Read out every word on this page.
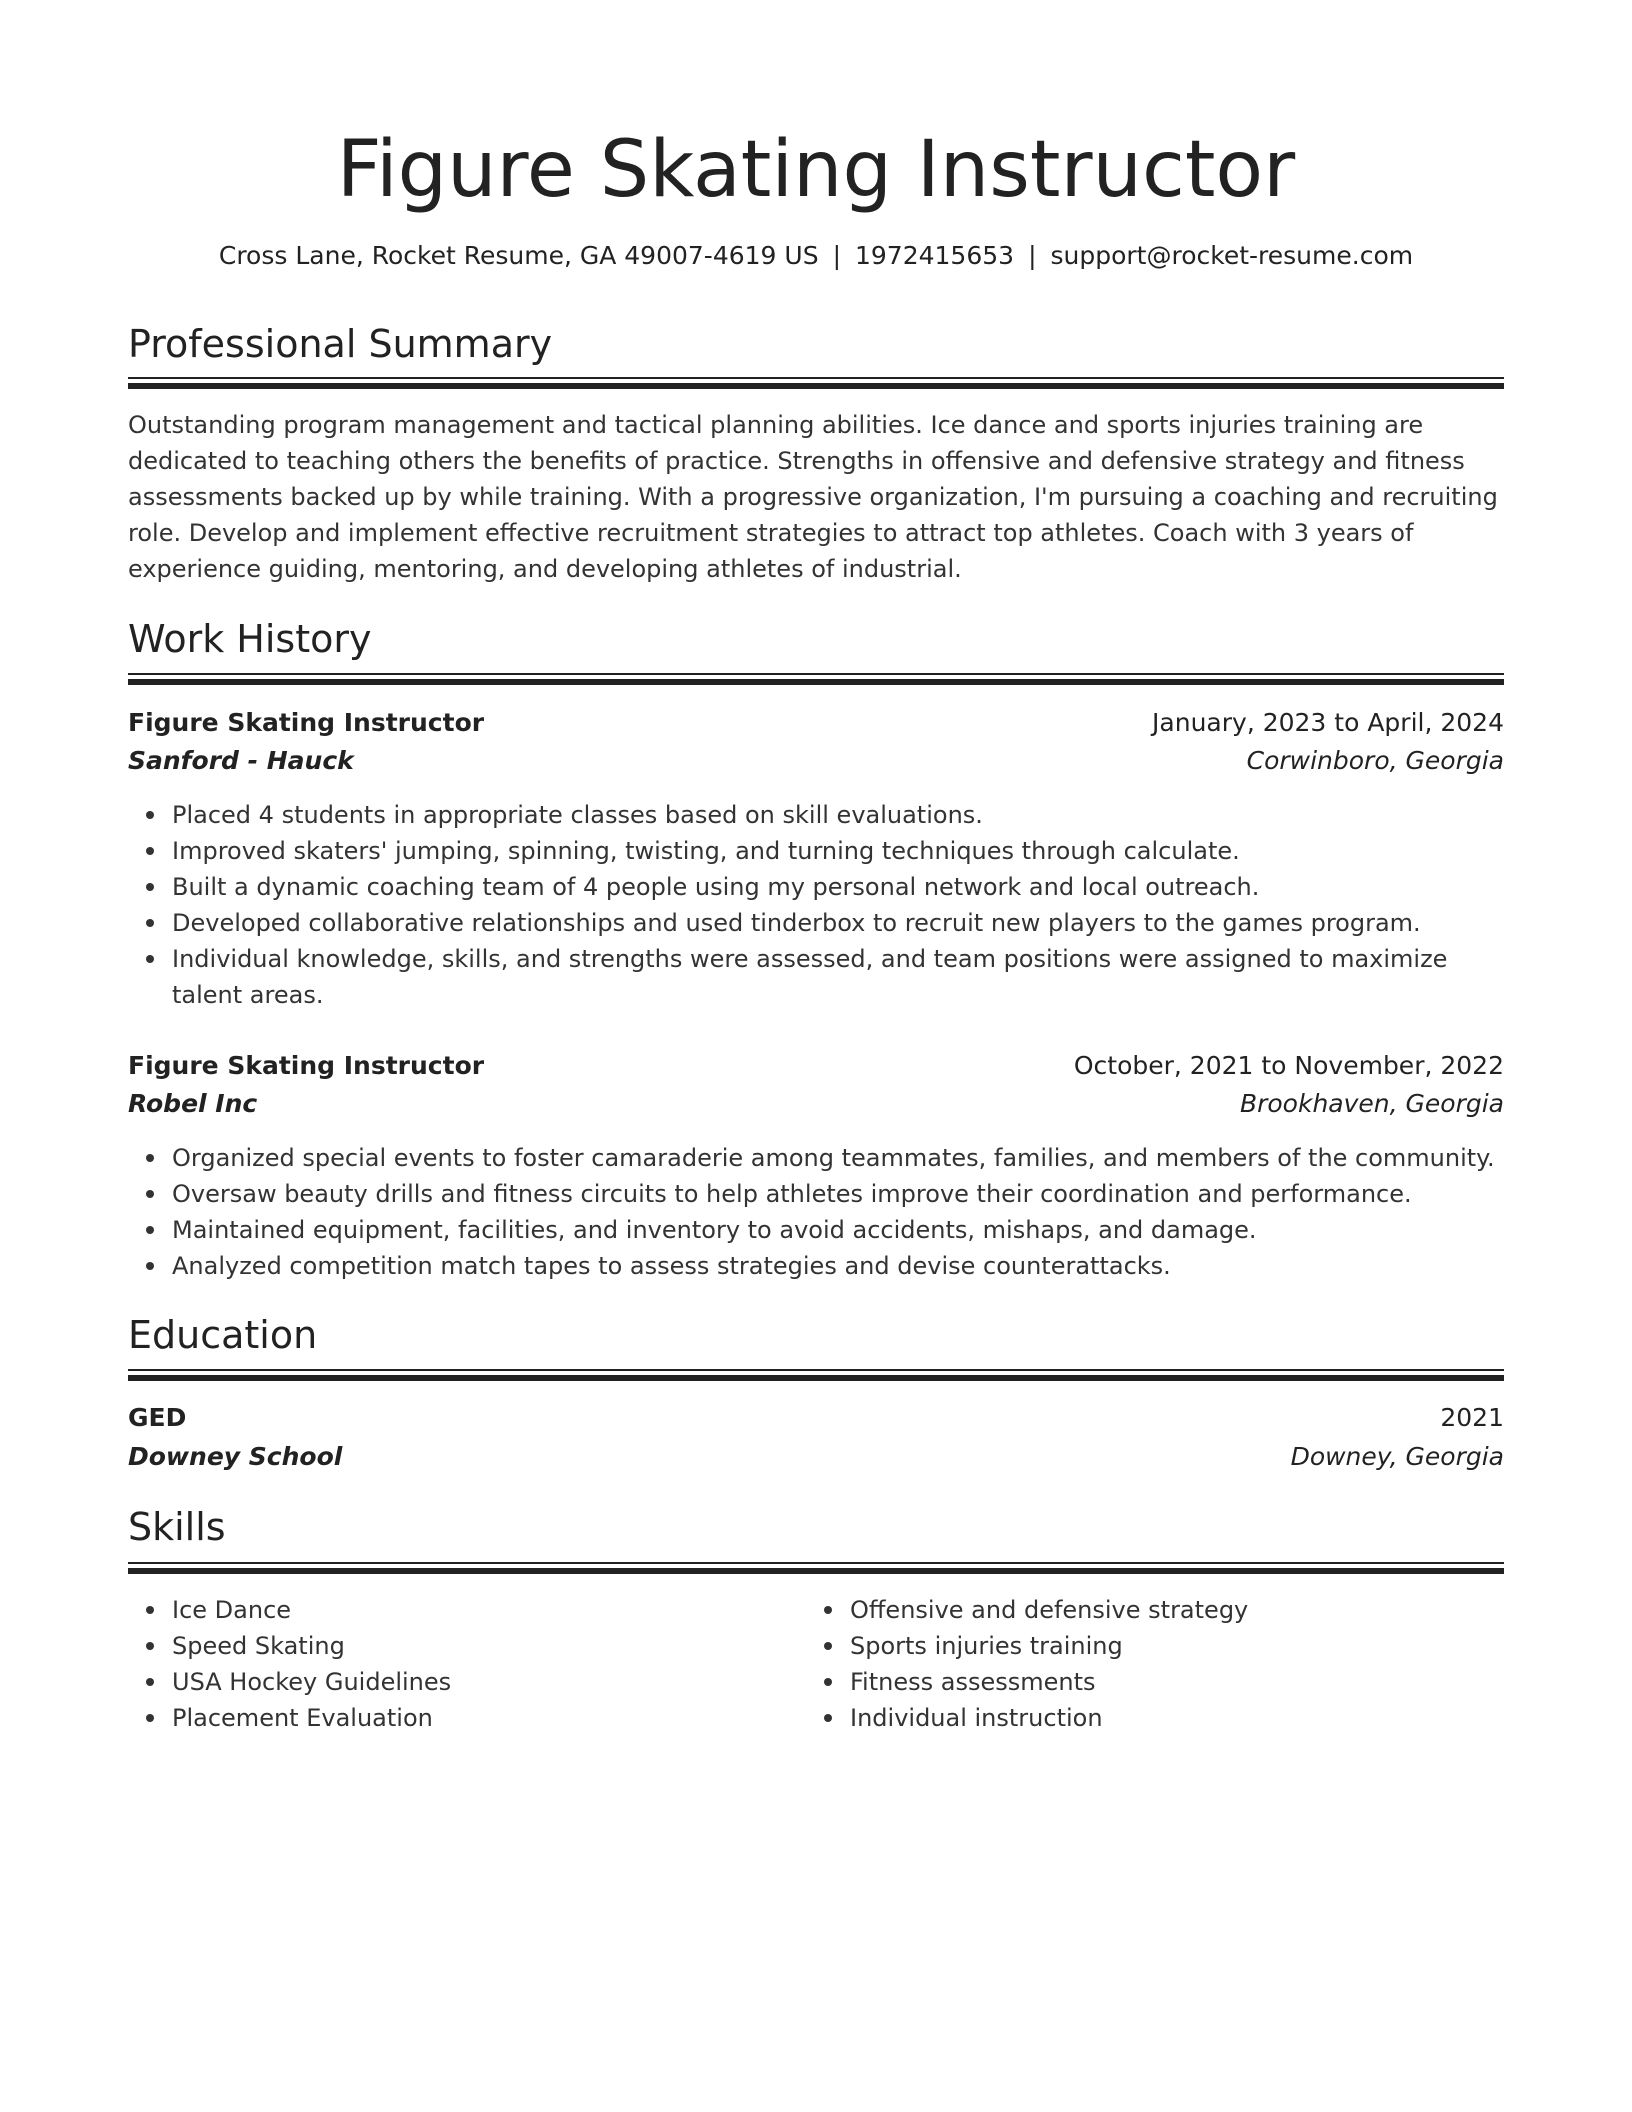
Figure Skating Instructor
Cross Lane, Rocket Resume, GA 49007-4619 US | 1972415653 | support@rocket-resume.com
Professional Summary
Outstanding program management and tactical planning abilities. Ice dance and sports injuries training are dedicated to teaching others the benefits of practice. Strengths in offensive and defensive strategy and fitness assessments backed up by while training. With a progressive organization, I'm pursuing a coaching and recruiting role. Develop and implement effective recruitment strategies to attract top athletes. Coach with 3 years of experience guiding, mentoring, and developing athletes of industrial.
Work History
Figure Skating Instructor	January, 2023 to April, 2024
Sanford - Hauck	Corwinboro, Georgia
Placed 4 students in appropriate classes based on skill evaluations.
Improved skaters' jumping, spinning, twisting, and turning techniques through calculate.
Built a dynamic coaching team of 4 people using my personal network and local outreach.
Developed collaborative relationships and used tinderbox to recruit new players to the games program.
Individual knowledge, skills, and strengths were assessed, and team positions were assigned to maximize talent areas.
Figure Skating Instructor	October, 2021 to November, 2022
Robel Inc	Brookhaven, Georgia
Organized special events to foster camaraderie among teammates, families, and members of the community.
Oversaw beauty drills and fitness circuits to help athletes improve their coordination and performance.
Maintained equipment, facilities, and inventory to avoid accidents, mishaps, and damage.
Analyzed competition match tapes to assess strategies and devise counterattacks.
Education
GED	2021
Downey School	Downey, Georgia
Skills
Ice Dance
Speed Skating
USA Hockey Guidelines
Placement Evaluation
Offensive and defensive strategy
Sports injuries training
Fitness assessments
Individual instruction
